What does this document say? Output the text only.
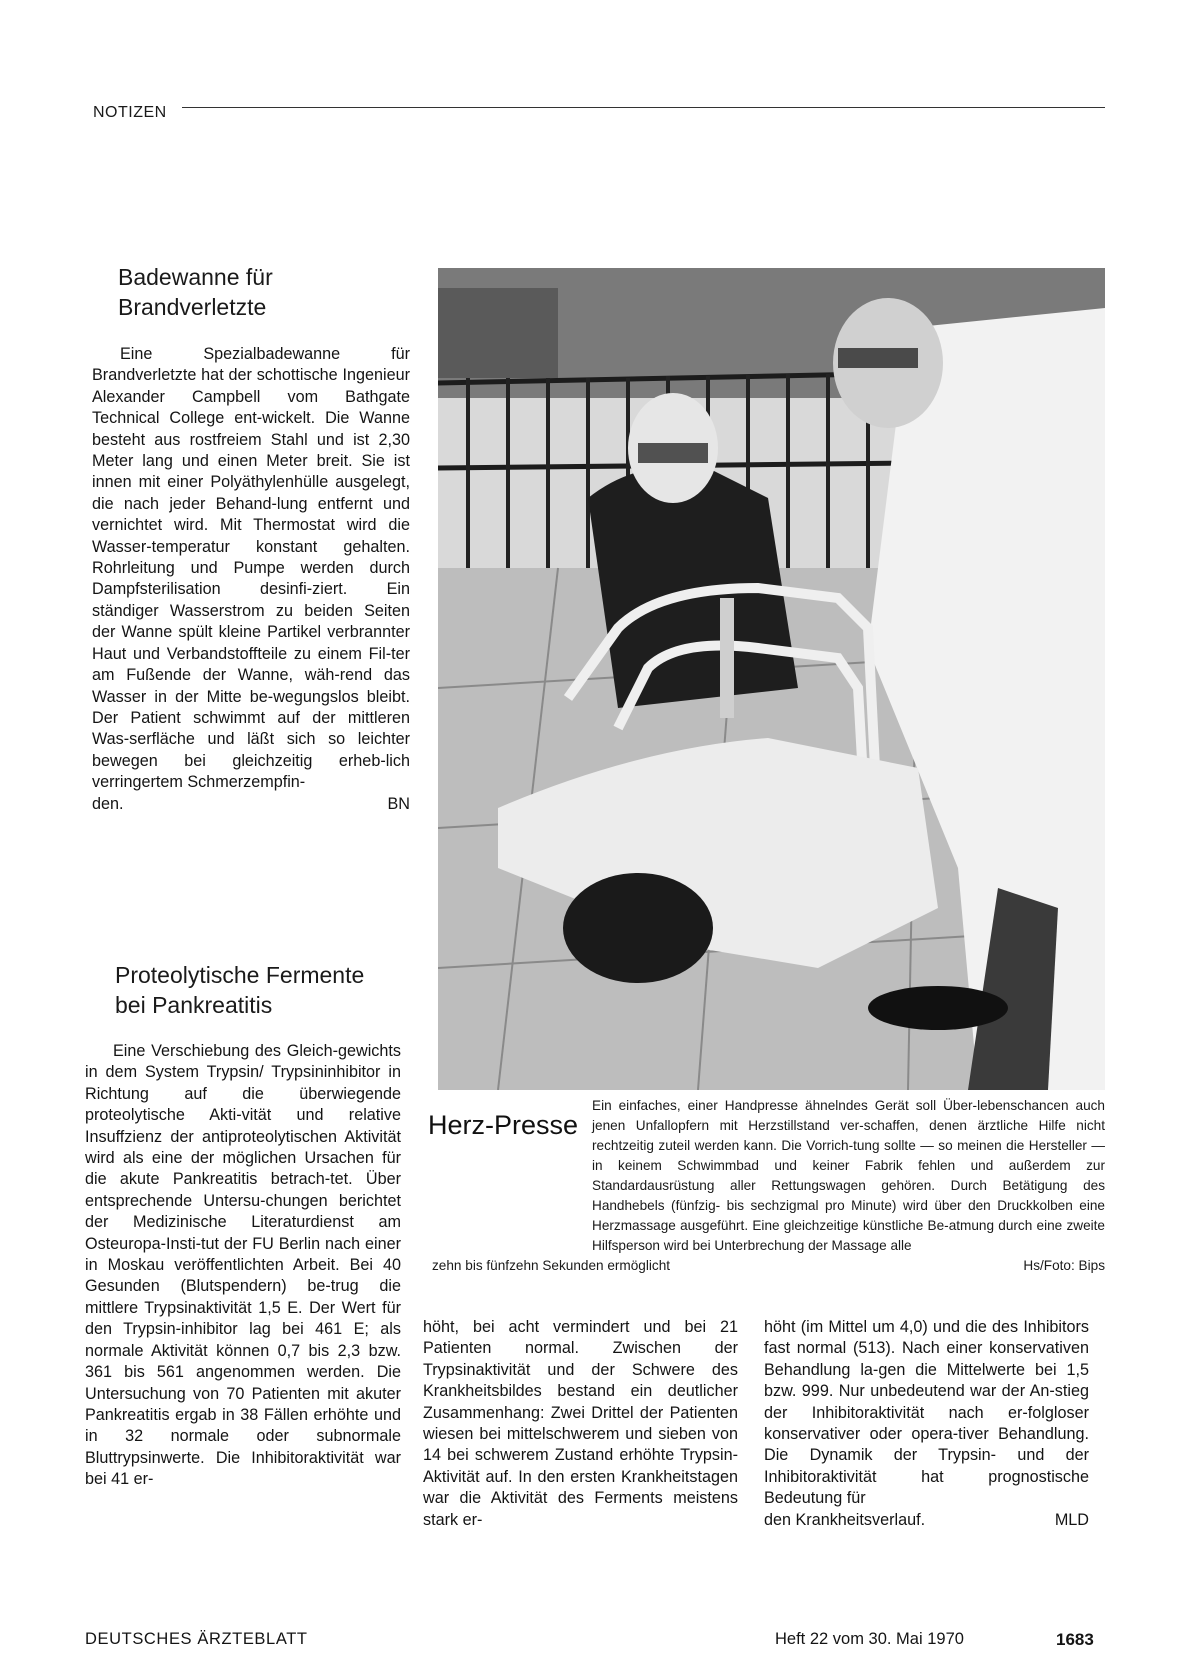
NOTIZEN
Badewanne für
Brandverletzte

Eine Spezialbadewanne für Brandverletzte hat der schottische Ingenieur Alexander Campbell vom Bathgate Technical College ent-wickelt. Die Wanne besteht aus rostfreiem Stahl und ist 2,30 Meter lang und einen Meter breit. Sie ist innen mit einer Polyäthylenhülle ausgelegt, die nach jeder Behand-lung entfernt und vernichtet wird. Mit Thermostat wird die Wasser-temperatur konstant gehalten. Rohrleitung und Pumpe werden durch Dampfsterilisation desinfi-ziert. Ein ständiger Wasserstrom zu beiden Seiten der Wanne spült kleine Partikel verbrannter Haut und Verbandstoffteile zu einem Fil-ter am Fußende der Wanne, wäh-rend das Wasser in der Mitte be-wegungslos bleibt. Der Patient schwimmt auf der mittleren Was-serfläche und läßt sich so leichter bewegen bei gleichzeitig erheb-lich verringertem Schmerzempfin-

den.	BN
Proteolytische Fermente
bei Pankreatitis

Eine Verschiebung des Gleich-gewichts in dem System Trypsin/ Trypsininhibitor in Richtung auf die überwiegende proteolytische Akti-vität und relative Insuffzienz der antiproteolytischen Aktivität wird als eine der möglichen Ursachen für die akute Pankreatitis betrach-tet. Über entsprechende Untersu-chungen berichtet der Medizinische Literaturdienst am Osteuropa-Insti-tut der FU Berlin nach einer in Moskau veröffentlichten Arbeit. Bei 40 Gesunden (Blutspendern) be-trug die mittlere Trypsinaktivität 1,5 E. Der Wert für den Trypsin-inhibitor lag bei 461 E; als normale Aktivität können 0,7 bis 2,3 bzw. 361 bis 561 angenommen werden. Die Untersuchung von 70 Patienten mit akuter Pankreatitis ergab in 38 Fällen erhöhte und in 32 normale oder subnormale Bluttrypsinwerte. Die Inhibitoraktivität war bei 41 er-

höht, bei acht vermindert und bei 21 Patienten normal. Zwischen der Trypsinaktivität und der Schwere des Krankheitsbildes bestand ein deutlicher Zusammenhang: Zwei Drittel der Patienten wiesen bei mittelschwerem und sieben von 14 bei schwerem Zustand erhöhte Trypsin-Aktivität auf. In den ersten Krankheitstagen war die Aktivität des Ferments meistens stark er-

höht (im Mittel um 4,0) und die des Inhibitors fast normal (513). Nach einer konservativen Behandlung la-gen die Mittelwerte bei 1,5 bzw. 999. Nur unbedeutend war der An-stieg der Inhibitoraktivität nach er-folgloser konservativer oder opera-tiver Behandlung. Die Dynamik der Trypsin- und der Inhibitoraktivität hat prognostische Bedeutung für

den Krankheitsverlauf.	MLD
Herz-Presse
Ein einfaches, einer Handpresse ähnelndes Gerät soll Über-lebenschancen auch jenen Unfallopfern mit Herzstillstand ver-schaffen, denen ärztliche Hilfe nicht rechtzeitig zuteil werden kann. Die Vorrich-tung sollte — so meinen die Hersteller — in keinem Schwimmbad und keiner Fabrik fehlen und außerdem zur Standardausrüstung aller Rettungswagen gehören. Durch Betätigung des Handhebels (fünfzig- bis sechzigmal pro Minute) wird über den Druckkolben eine Herzmassage ausgeführt. Eine gleichzeitige künstliche Be-atmung durch eine zweite Hilfsperson wird bei Unterbrechung der Massage alle
zehn bis fünfzehn Sekunden ermöglicht	Hs/Foto: Bips
DEUTSCHES ÄRZTEBLATT	Heft 22 vom 30. Mai 1970	1683
